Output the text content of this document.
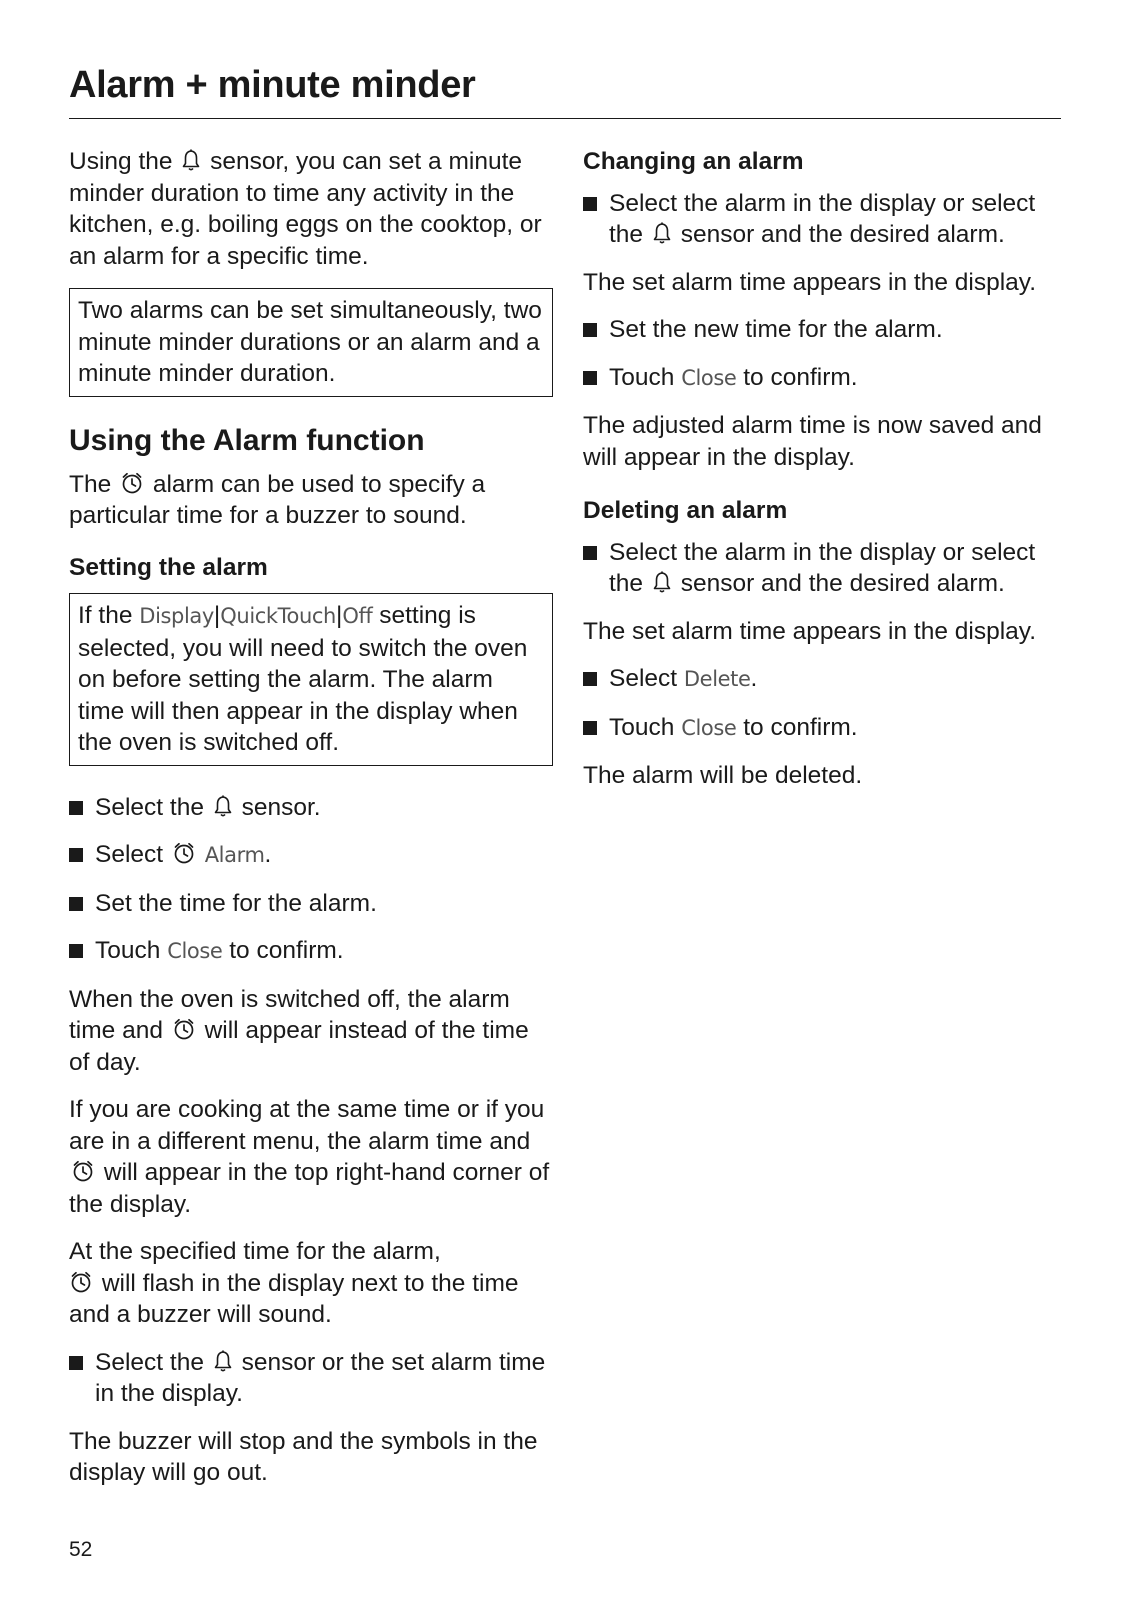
Alarm + minute minder

Using the sensor, you can set a minute minder duration to time any activity in the kitchen, e.g. boiling eggs on the cooktop, or an alarm for a specific time.

Two alarms can be set simultaneously, two minute minder durations or an alarm and a minute minder duration.
Using the Alarm function

The alarm can be used to specify a particular time for a buzzer to sound.

Setting the alarm
If the Display|QuickTouch|Off setting is selected, you will need to switch the oven on before setting the alarm. The alarm time will then appear in the display when the oven is switched off.
Select the sensor.
Select Alarm.
Set the time for the alarm.
Touch Close to confirm.

When the oven is switched off, the alarm time and will appear instead of the time of day.

If you are cooking at the same time or if you are in a different menu, the alarm time and
will appear in the top right-hand corner of the display.

At the specified time for the alarm,

will flash in the display next to the time and a buzzer will sound.

Select the sensor or the set alarm time in the display.

The buzzer will stop and the symbols in the display will go out.

Changing an alarm
Select the alarm in the display or select the sensor and the desired alarm.

The set alarm time appears in the display.

Set the new time for the alarm.
Touch Close to confirm.

The adjusted alarm time is now saved and will appear in the display.

Deleting an alarm
Select the alarm in the display or select the sensor and the desired alarm.

The set alarm time appears in the display.

Select Delete.
Touch Close to confirm.

The alarm will be deleted.

52
